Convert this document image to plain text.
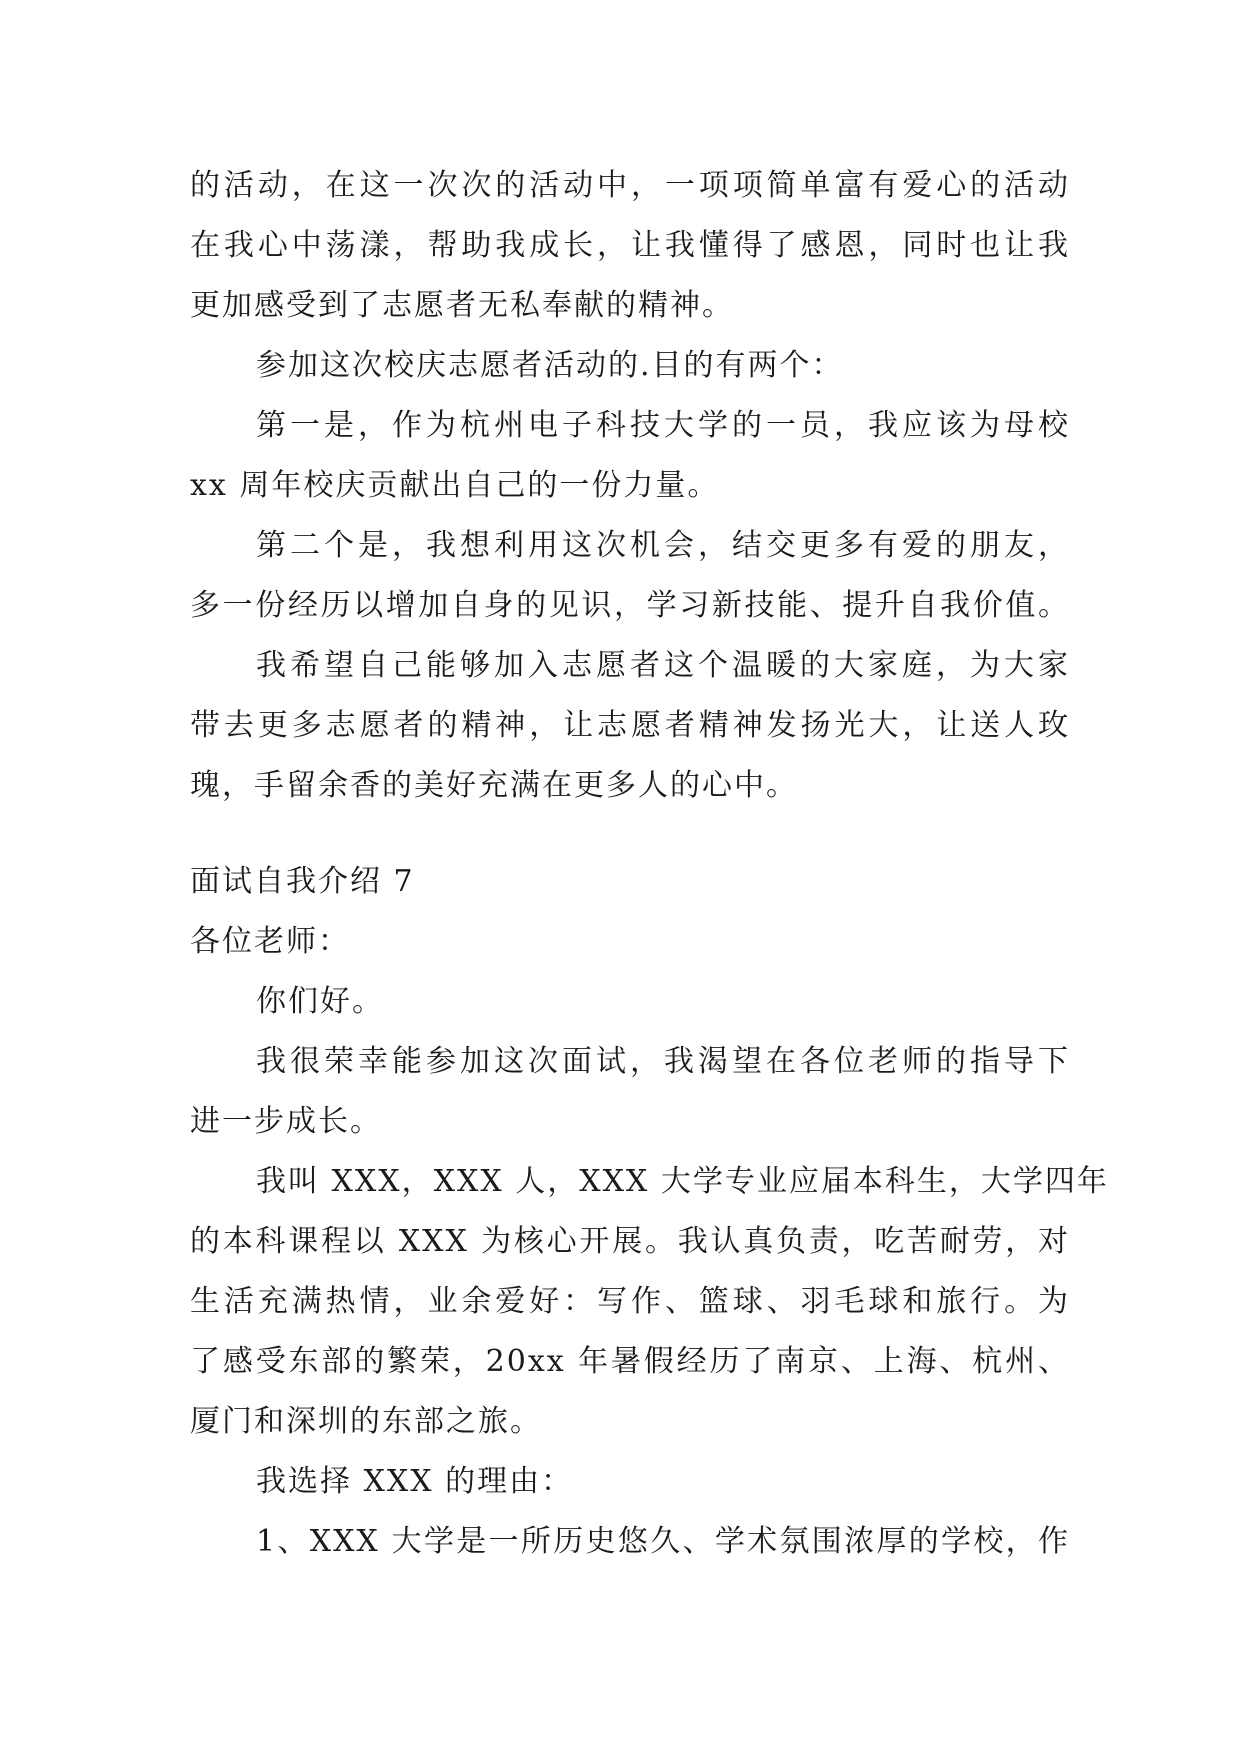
的活动，在这一次次的活动中，一项项简单富有爱心的活动
在我心中荡漾，帮助我成长，让我懂得了感恩，同时也让我
更加感受到了志愿者无私奉献的精神。
参加这次校庆志愿者活动的.目的有两个：
第一是，作为杭州电子科技大学的一员，我应该为母校
xx 周年校庆贡献出自己的一份力量。
第二个是，我想利用这次机会，结交更多有爱的朋友，
多一份经历以增加自身的见识，学习新技能、提升自我价值。
我希望自己能够加入志愿者这个温暖的大家庭，为大家
带去更多志愿者的精神，让志愿者精神发扬光大，让送人玫
瑰，手留余香的美好充满在更多人的心中。
面试自我介绍 7
各位老师：
你们好。
我很荣幸能参加这次面试，我渴望在各位老师的指导下
进一步成长。
我叫 XXX，XXX 人，XXX 大学专业应届本科生，大学四年
的本科课程以 XXX 为核心开展。我认真负责，吃苦耐劳，对
生活充满热情，业余爱好：写作、篮球、羽毛球和旅行。为
了感受东部的繁荣，20xx 年暑假经历了南京、上海、杭州、
厦门和深圳的东部之旅。
我选择 XXX 的理由：
1、XXX 大学是一所历史悠久、学术氛围浓厚的学校，作
